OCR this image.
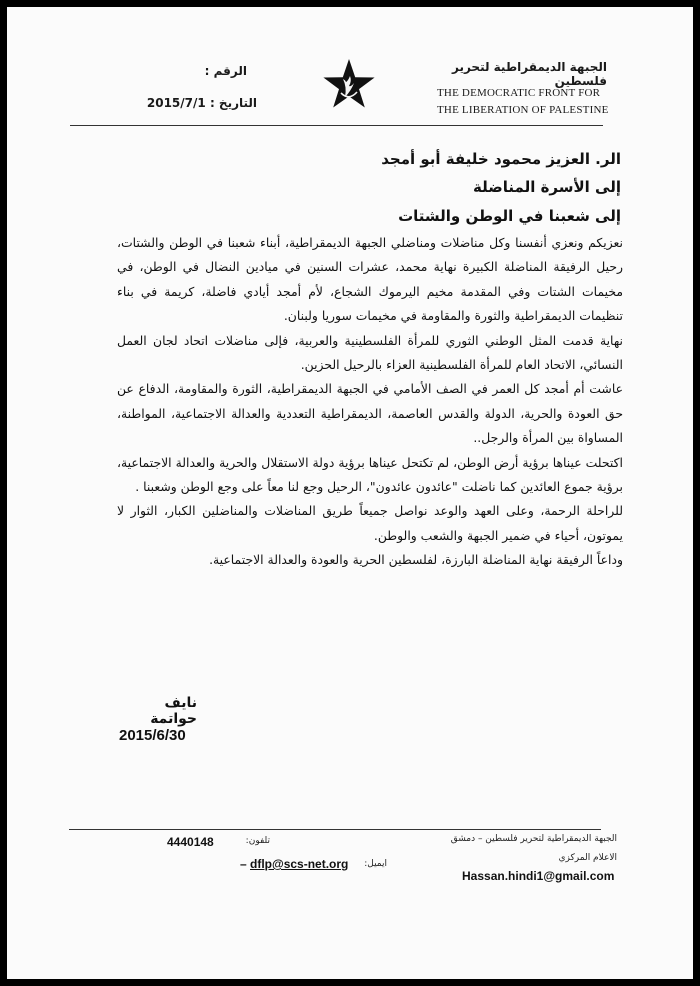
الجبهة الديمقراطية لتحرير فلسطين
THE DEMOCRATIC FRONT FOR
THE LIBERATION OF PALESTINE
الرقم :
التاريخ : 2015/7/1
الر. العزيز محمود خليفة أبو أمجد
إلى الأسرة المناضلة
إلى شعبنا في الوطن والشتات

نعزيكم ونعزي أنفسنا وكل مناضلات ومناضلي الجبهة الديمقراطية، أبناء شعبنا في الوطن والشتات، رحيل الرفيقة المناضلة الكبيرة نهاية محمد، عشرات السنين في ميادين النضال في الوطن، في مخيمات الشتات وفي المقدمة مخيم اليرموك الشجاع، لأم أمجد أيادي فاضلة، كريمة في بناء تنظيمات الديمقراطية والثورة والمقاومة في مخيمات سوريا ولبنان.

نهاية قدمت المثل الوطني الثوري للمرأة الفلسطينية والعربية، فإلى مناضلات اتحاد لجان العمل النسائي، الاتحاد العام للمرأة الفلسطينية العزاء بالرحيل الحزين.

عاشت أم أمجد كل العمر في الصف الأمامي في الجبهة الديمقراطية، الثورة والمقاومة، الدفاع عن حق العودة والحرية، الدولة والقدس العاصمة، الديمقراطية التعددية والعدالة الاجتماعية، المواطنة، المساواة بين المرأة والرجل..

اكتحلت عيناها برؤية أرض الوطن، لم تكتحل عيناها برؤية دولة الاستقلال والحرية والعدالة الاجتماعية، برؤية جموع العائدين كما ناضلت "عائدون عائدون"، الرحيل وجع لنا معاً على وجع الوطن وشعبنا .

للراحلة الرحمة، وعلى العهد والوعد نواصل جميعاً طريق المناضلات والمناضلين الكبار، الثوار لا يموتون، أحياء في ضمير الجبهة والشعب والوطن.

وداعاً الرفيقة نهاية المناضلة البارزة، لفلسطين الحرية والعودة والعدالة الاجتماعية.

نايف حواتمة
2015/6/30
الجبهة الديمقراطية لتحرير فلسطين – دمشق
الاعلام المركزي
Hassan.hindi1@gmail.com
تلفون:
4440148
ايميل:
– dflp@scs-net.org
